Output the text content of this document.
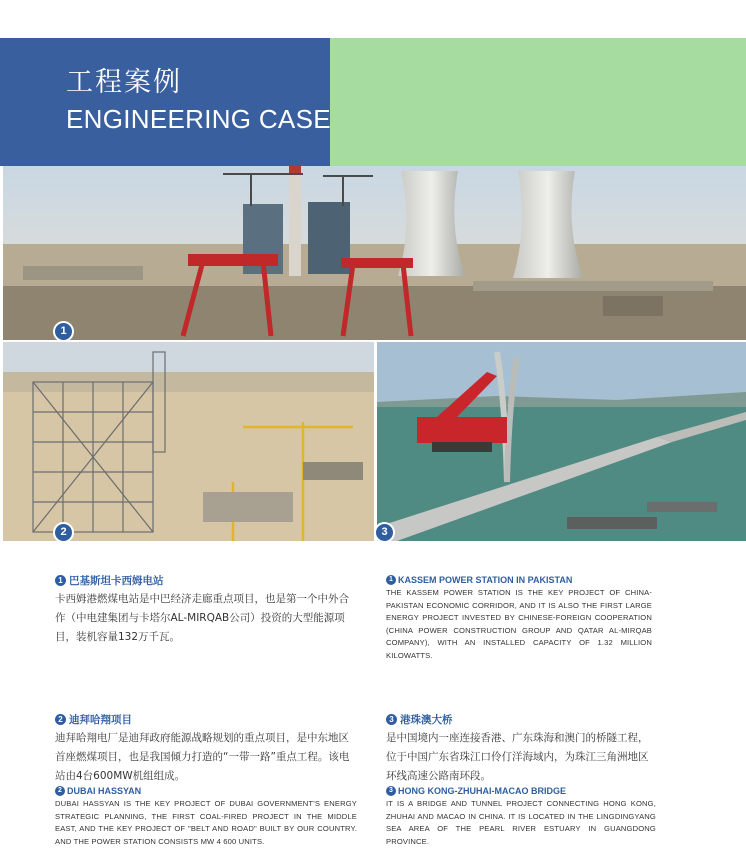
工程案例
ENGINEERING CASE
1
2	3
1 巴基斯坦卡西姆电站
卡西姆港燃煤电站是中巴经济走廊重点项目，也是第一个中外合作（中电建集团与卡塔尔AL-MIRQAB公司）投资的大型能源项目，装机容量132万千瓦。
1 KASSEM POWER STATION IN PAKISTAN
THE KASSEM POWER STATION IS THE KEY PROJECT OF CHINA-PAKISTAN ECONOMIC CORRIDOR, AND IT IS ALSO THE FIRST LARGE ENERGY PROJECT INVESTED BY CHINESE-FOREIGN COOPERATION (CHINA POWER CONSTRUCTION GROUP AND QATAR AL-MIRQAB COMPANY), WITH AN INSTALLED CAPACITY OF 1.32 MILLION KILOWATTS.
2 迪拜哈翔项目
迪拜哈翔电厂是迪拜政府能源战略规划的重点项目，是中东地区首座燃煤项目，也是我国倾力打造的“一带一路”重点工程。该电站由4台600MW机组组成。
2 DUBAI HASSYAN
DUBAI HASSYAN IS THE KEY PROJECT OF DUBAI GOVERNMENT'S ENERGY STRATEGIC PLANNING, THE FIRST COAL-FIRED PROJECT IN THE MIDDLE EAST, AND THE KEY PROJECT OF "BELT AND ROAD" BUILT BY OUR COUNTRY. AND THE POWER STATION CONSISTS MW 4 600 UNITS.
3 港珠澳大桥
是中国境内一座连接香港、广东珠海和澳门的桥隧工程，位于中国广东省珠江口伶仃洋海域内，为珠江三角洲地区环线高速公路南环段。
3 HONG KONG-ZHUHAI-MACAO BRIDGE
IT IS A BRIDGE AND TUNNEL PROJECT CONNECTING HONG KONG, ZHUHAI AND MACAO IN CHINA. IT IS LOCATED IN THE LINGDINGYANG SEA AREA OF THE PEARL RIVER ESTUARY IN GUANGDONG PROVINCE.
